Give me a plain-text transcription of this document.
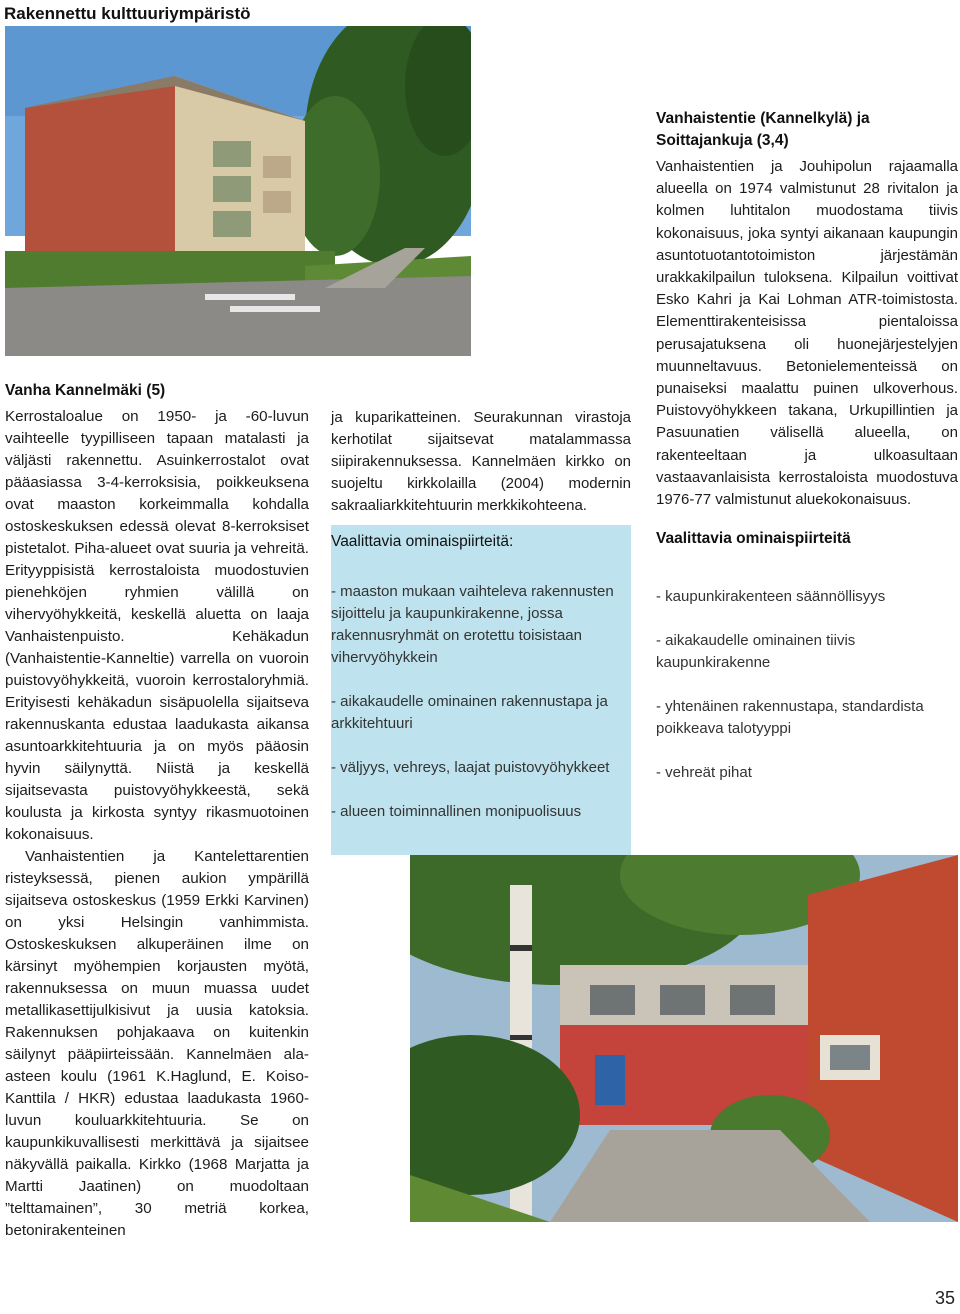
Rakennettu kulttuuriympäristö
Vanha Kannelmäki (5)

Kerrostaloalue on 1950- ja -60-luvun vaihteelle tyypilliseen tapaan matalasti ja väljästi rakennettu. Asuinkerrostalot ovat pääasiassa 3-4-kerroksisia, poikkeuksena ovat maaston korkeimmalla kohdalla ostoskeskuksen edessä olevat 8-kerroksiset pistetalot. Piha-alueet ovat suuria ja vehreitä. Erityyppisistä kerrostaloista muodostuvien pienehköjen ryhmien välillä on vihervyöhykkeitä, keskellä aluetta on laaja Vanhaistenpuisto. Kehäkadun (Vanhaistentie-Kanneltie) varrella on vuoroin puistovyöhykkeitä, vuoroin kerrostaloryhmiä. Erityisesti kehäkadun sisäpuolella sijaitseva rakennuskanta edustaa laadukasta aikansa asuntoarkkitehtuuria ja on myös pääosin hyvin säilynyttä. Niistä ja keskellä sijaitsevasta puistovyöhykkeestä, sekä koulusta ja kirkosta syntyy rikasmuotoinen kokonaisuus.

Vanhaistentien ja Kantelettarentien risteyksessä, pienen aukion ympärillä sijaitseva ostoskeskus (1959 Erkki Karvinen) on yksi Helsingin vanhimmista. Ostoskeskuksen alkuperäinen ilme on kärsinyt myöhempien korjausten myötä, rakennuksessa on muun muassa uudet metallikasettijulkisivut ja uusia katoksia. Rakennuksen pohjakaava on kuitenkin säilynyt pääpiirteissään. Kannelmäen ala-asteen koulu (1961 K.Haglund, E. Koiso-Kanttila / HKR) edustaa laadukasta 1960-luvun kouluarkkitehtuuria. Se on kaupunkikuvallisesti merkittävä ja sijaitsee näkyvällä paikalla. Kirkko (1968 Marjatta ja Martti Jaatinen) on muodoltaan ”telttamainen”, 30 metriä korkea, betonirakenteinen

ja kuparikatteinen. Seurakunnan virastoja kerhotilat sijaitsevat matalammassa siipirakennuksessa. Kannelmäen kirkko on suojeltu kirkkolailla (2004) modernin sakraaliarkkitehtuurin merkkikohteena.

Vaalittavia ominaispiirteitä:
- maaston mukaan vaihteleva rakennusten sijoittelu ja kaupunkirakenne, jossa rakennusryhmät on erotettu toisistaan vihervyöhykkein
- aikakaudelle ominainen rakennustapa ja arkkitehtuuri
- väljyys, vehreys, laajat puistovyöhykkeet
- alueen toiminnallinen monipuolisuus
Vanhaistentie (Kannelkylä) ja Soittajankuja (3,4)

Vanhaistentien ja Jouhipolun rajaamalla alueella on 1974 valmistunut 28 rivitalon ja kolmen luhtitalon muodostama tiivis kokonaisuus, joka syntyi aikanaan kaupungin asuntotuotantotoimiston järjestämän urakkakilpailun tuloksena. Kilpailun voittivat Esko Kahri ja Kai Lohman ATR-toimistosta. Elementtirakenteisissa pientaloissa perusajatuksena oli huonejärjestelyjen muunneltavuus. Betonielementeissä on punaiseksi maalattu puinen ulkoverhous. Puistovyöhykkeen takana, Urkupillintien ja Pasuunatien välisellä alueella, on rakenteeltaan ja ulkoasultaan vastaavanlaisista kerrostaloista muodostuva 1976-77 valmistunut aluekokonaisuus.

Vaalittavia ominaispiirteitä
- kaupunkirakenteen säännöllisyys
- aikakaudelle ominainen tiivis kaupunkirakenne
- yhtenäinen rakennustapa, standardista poikkeava talotyyppi
- vehreät pihat
35
